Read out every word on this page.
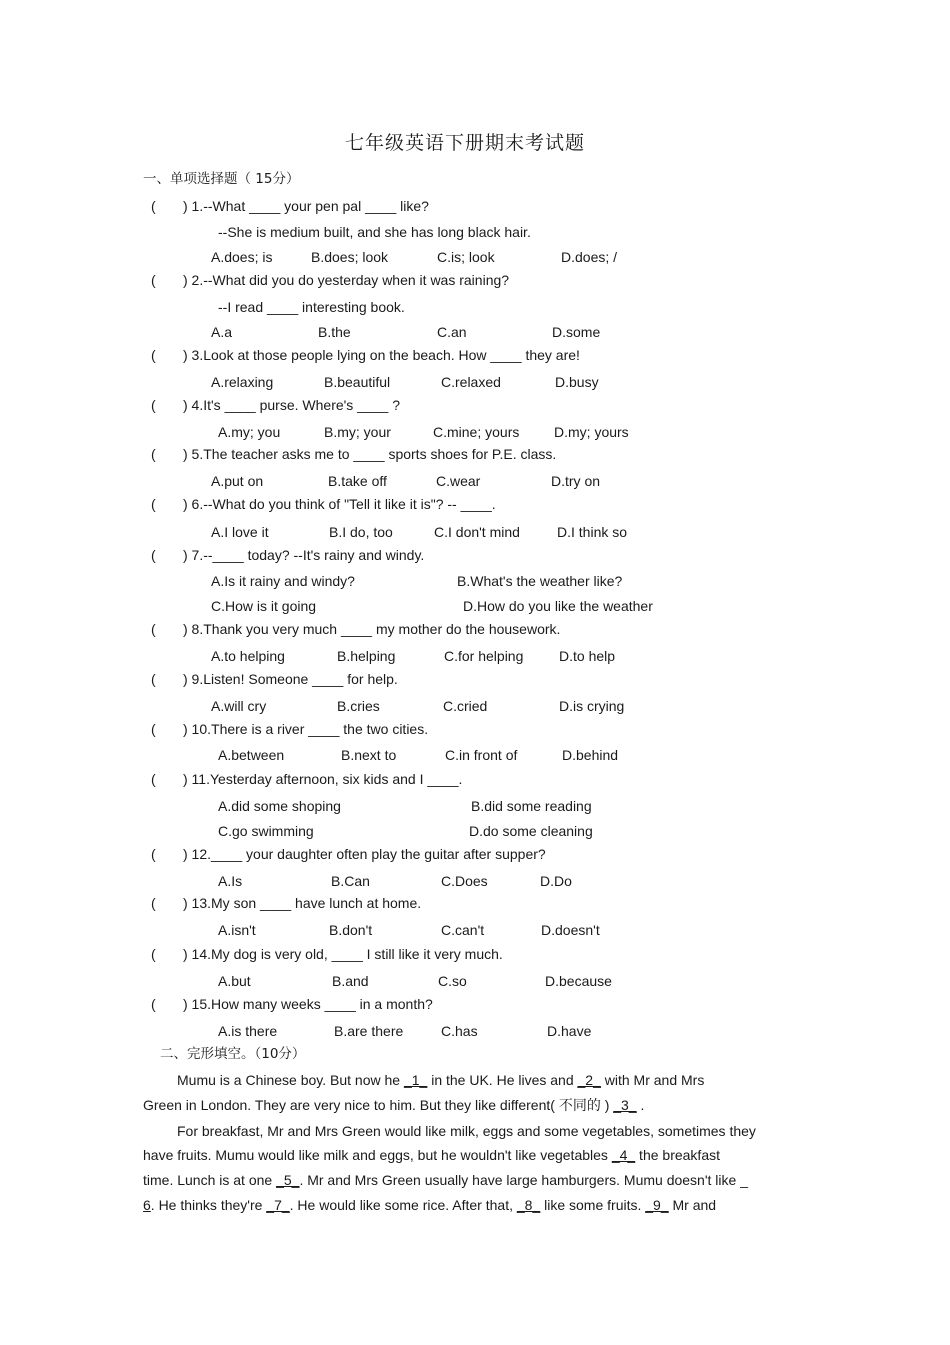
七年级英语下册期末考试题
一、单项选择题（ 15分）
( ) 1.--What ____ your pen pal ____ like?
--She is medium built, and she has long black hair.
A.does; is	B.does; look	C.is; look	D.does; /
( ) 2.--What did you do yesterday when it was raining?
--I read ____ interesting book.
A.a	B.the	C.an	D.some
( ) 3.Look at those people lying on the beach. How ____ they are!
A.relaxing	B.beautiful	C.relaxed	D.busy
( ) 4.It's ____ purse. Where's ____ ?
A.my; you	B.my; your	C.mine; yours D.my; yours
( ) 5.The teacher asks me to ____ sports shoes for P.E. class.
A.put on	B.take off	C.wear	D.try on
( ) 6.--What do you think of "Tell it like it is"? -- ____.
A.I love it	B.I do, too	C.I don't mind	D.I think so
( ) 7.--____ today? --It's rainy and windy.
A.Is it rainy and windy?	B.What's the weather like?
C.How is it going	D.How do you like the weather
( ) 8.Thank you very much ____ my mother do the housework.
A.to helping	B.helping	C.for helping	D.to help
( ) 9.Listen! Someone ____ for help.
A.will cry	B.cries	C.cried	D.is crying
( ) 10.There is a river ____ the two cities.
A.between	B.next to	C.in front of	D.behind
( ) 11.Yesterday afternoon, six kids and I ____.
A.did some shoping	B.did some reading
C.go swimming	D.do some cleaning
( ) 12.____ your daughter often play the guitar after supper?
A.Is	B.Can	C.Does	D.Do
( ) 13.My son ____ have lunch at home.
A.isn't	B.don't	C.can't	D.doesn't
( ) 14.My dog is very old, ____ I still like it very much.
A.but	B.and	C.so	D.because
( ) 15.How many weeks ____ in a month?
A.is there	B.are there	C.has	D.have
二、完形填空。（10分）
Mumu is a Chinese boy. But now he _1_ in the UK. He lives and _2_ with Mr and Mrs
Green in London. They are very nice to him. But they like different( 不同的 ) _3_ .
For breakfast, Mr and Mrs Green would like milk, eggs and some vegetables, sometimes they
have fruits. Mumu would like milk and eggs, but he wouldn't like vegetables _4_ the breakfast
time. Lunch is at one _5_. Mr and Mrs Green usually have large hamburgers. Mumu doesn't like _
6. He thinks they're _7_. He would like some rice. After that, _8_ like some fruits. _9_ Mr and
